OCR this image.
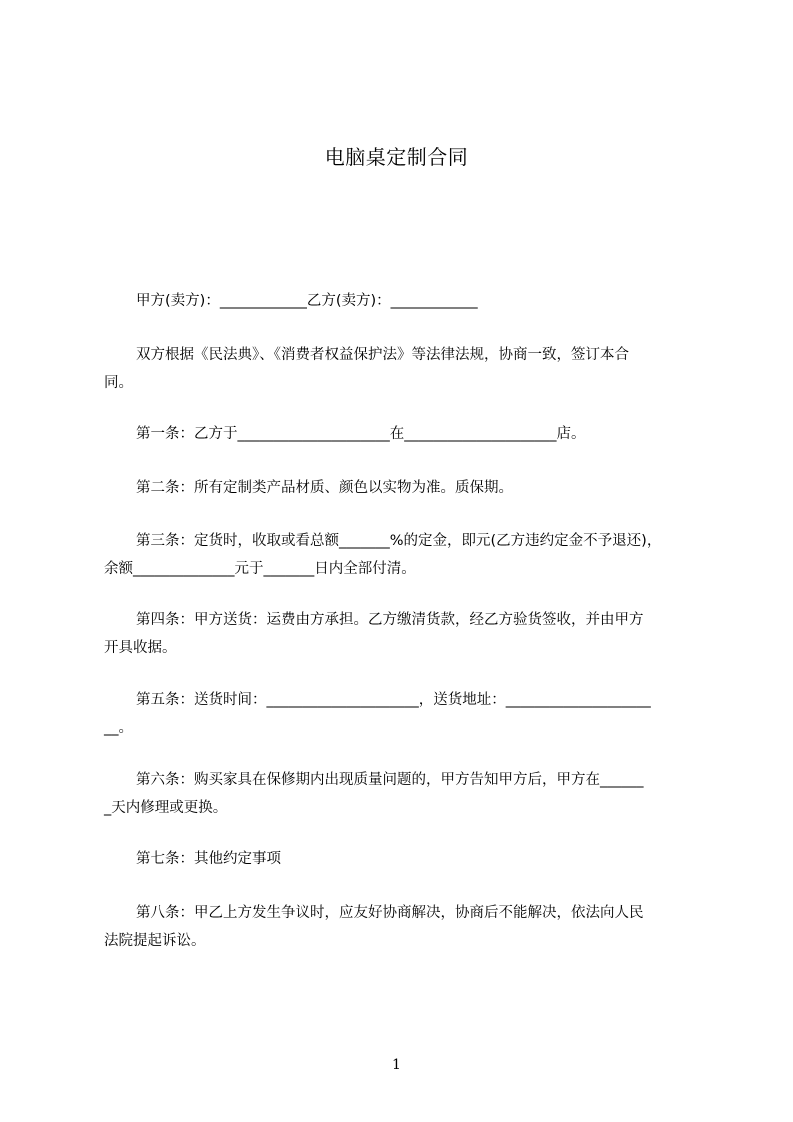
电脑桌定制合同
甲方(卖方)：____________乙方(卖方)：____________
双方根据《民法典》、《消费者权益保护法》等法律法规，协商一致，签订本合
同。
第一条：乙方于_____________________在_____________________店。
第二条：所有定制类产品材质、颜色以实物为准。质保期。
第三条：定货时，收取或看总额_______%的定金，即元(乙方违约定金不予退还)，
余额______________元于_______日内全部付清。
第四条：甲方送货：运费由方承担。乙方缴清货款，经乙方验货签收，并由甲方
开具收据。
第五条：送货时间：_____________________，送货地址：____________________
__。
第六条：购买家具在保修期内出现质量问题的，甲方告知甲方后，甲方在______
_天内修理或更换。
第七条：其他约定事项
第八条：甲乙上方发生争议时，应友好协商解决，协商后不能解决，依法向人民
法院提起诉讼。
1
